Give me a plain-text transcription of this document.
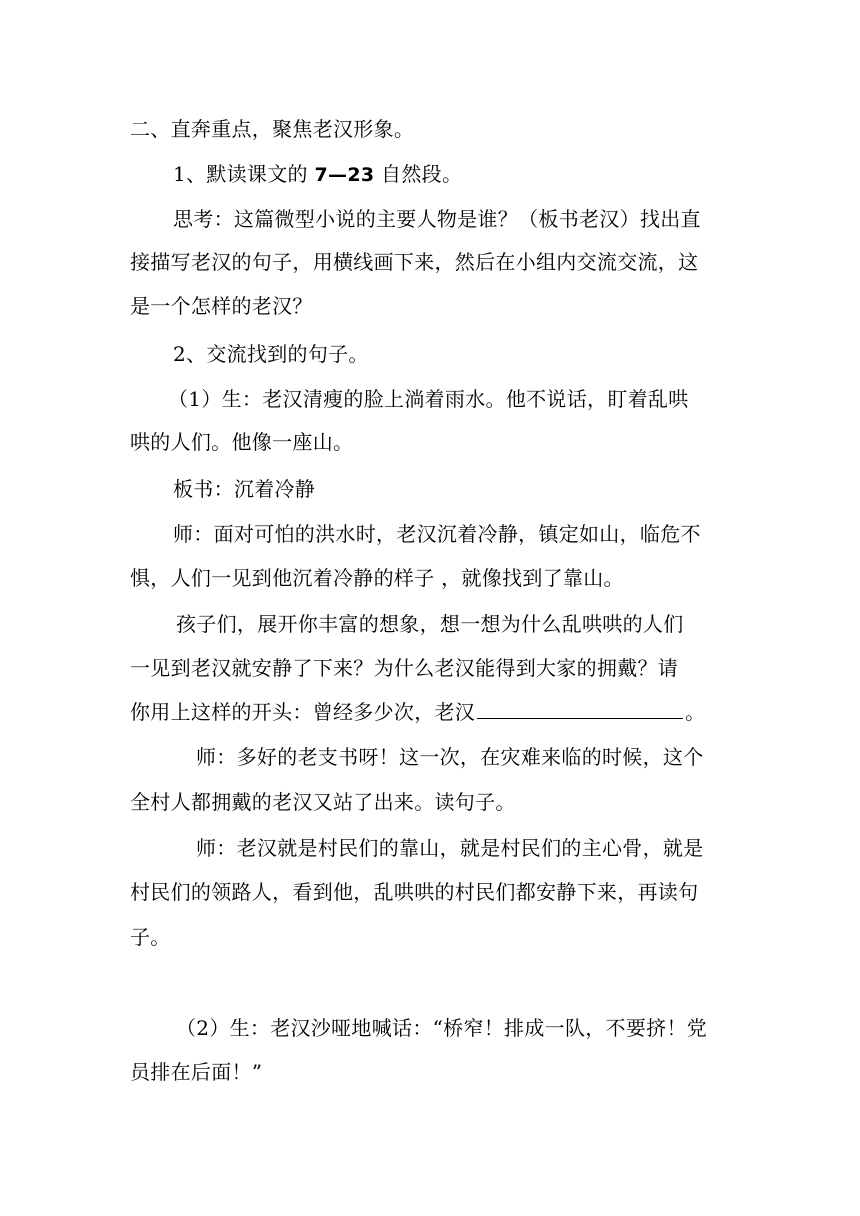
二、直奔重点，聚焦老汉形象。
1、默读课文的 7—23 自然段。
思考：这篇微型小说的主要人物是谁？（板书老汉）找出直
接描写老汉的句子，用横线画下来，然后在小组内交流交流，这
是一个怎样的老汉？
2、交流找到的句子。
（1）生：老汉清瘦的脸上淌着雨水。他不说话，盯着乱哄
哄的人们。他像一座山。
板书：沉着冷静
师：面对可怕的洪水时，老汉沉着冷静，镇定如山，临危不
惧，人们一见到他沉着冷静的样子 ，就像找到了靠山。
孩子们，展开你丰富的想象，想一想为什么乱哄哄的人们
一见到老汉就安静了下来？为什么老汉能得到大家的拥戴？请
你用上这样的开头：曾经多少次，老汉	。
师：多好的老支书呀！这一次，在灾难来临的时候，这个
全村人都拥戴的老汉又站了出来。读句子。
师：老汉就是村民们的靠山，就是村民们的主心骨，就是
村民们的领路人，看到他，乱哄哄的村民们都安静下来，再读句
子。
（2）生：老汉沙哑地喊话：“桥窄！排成一队，不要挤！党
员排在后面！”
